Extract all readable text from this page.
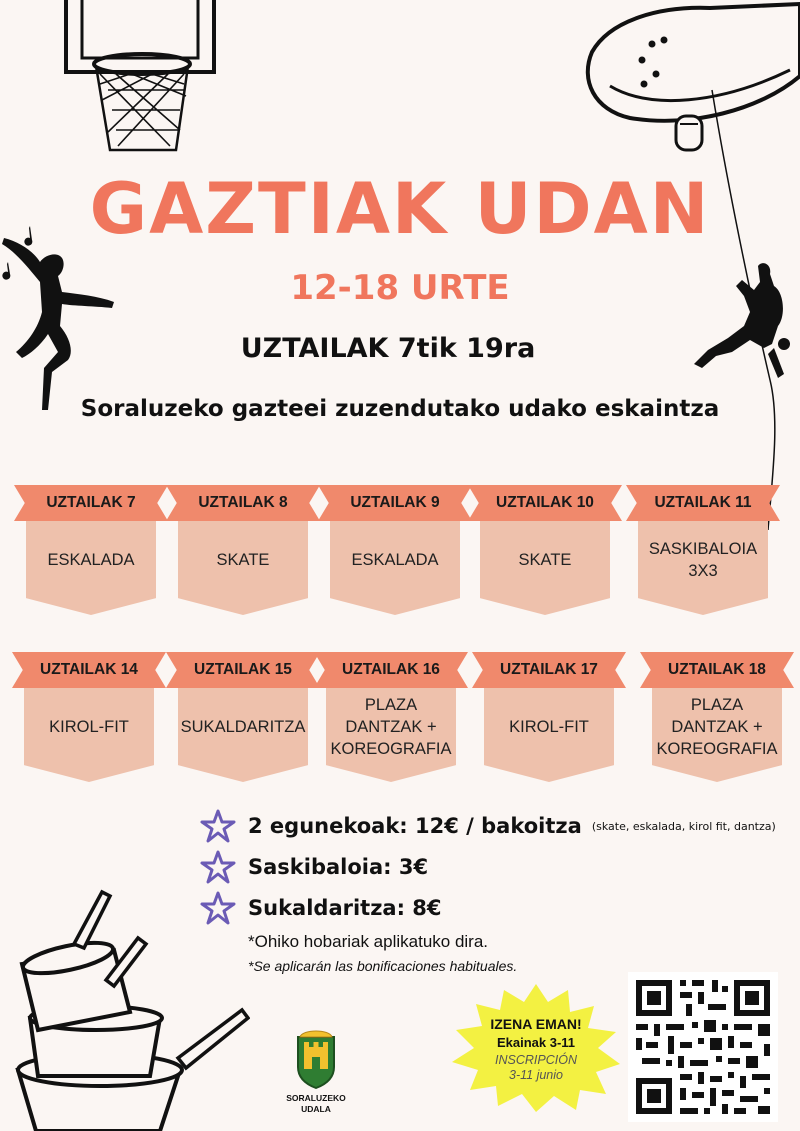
GAZTIAK UDAN
12-18 URTE
UZTAILAK 7tik 19ra
Soraluzeko gazteei zuzendutako udako eskaintza
UZTAILAK 7
ESKALADA
UZTAILAK 8
SKATE
UZTAILAK 9
ESKALADA
UZTAILAK 10
SKATE
UZTAILAK 11
SASKIBALOIA
3X3
UZTAILAK 14
KIROL-FIT
UZTAILAK 15
SUKALDARITZA
UZTAILAK 16
PLAZA
DANTZAK +
KOREOGRAFIA
UZTAILAK 17
KIROL-FIT
UZTAILAK 18
PLAZA
DANTZAK +
KOREOGRAFIA
2 egunekoak: 12€ / bakoitza (skate, eskalada, kirol fit, dantza)
Saskibaloia: 3€
Sukaldaritza: 8€
*Ohiko hobariak aplikatuko dira.
*Se aplicarán las bonificaciones habituales.
SORALUZEKO
UDALA
IZENA EMAN!
Ekainak 3-11
INSCRIPCIÓN
3-11 junio
